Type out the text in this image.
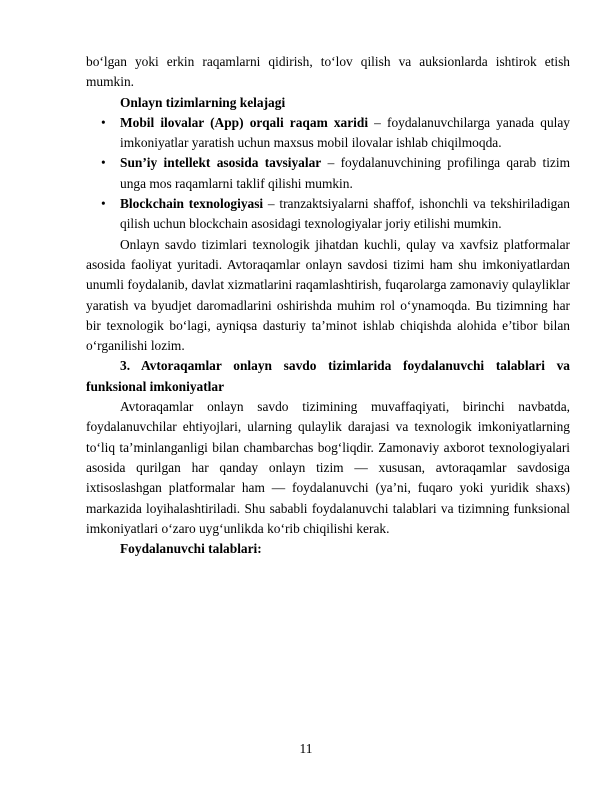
bo‘lgan yoki erkin raqamlarni qidirish, to‘lov qilish va auksionlarda ishtirok etish mumkin.

Onlayn tizimlarning kelajagi
• Mobil ilovalar (App) orqali raqam xaridi – foydalanuvchilarga yanada qulay imkoniyatlar yaratish uchun maxsus mobil ilovalar ishlab chiqilmoqda.
• Sun’iy intellekt asosida tavsiyalar – foydalanuvchining profilinga qarab tizim unga mos raqamlarni taklif qilishi mumkin.
• Blockchain texnologiyasi – tranzaktsiyalarni shaffof, ishonchli va tekshiriladigan qilish uchun blockchain asosidagi texnologiyalar joriy etilishi mumkin.

Onlayn savdo tizimlari texnologik jihatdan kuchli, qulay va xavfsiz platformalar asosida faoliyat yuritadi. Avtoraqamlar onlayn savdosi tizimi ham shu imkoniyatlardan unumli foydalanib, davlat xizmatlarini raqamlashtirish, fuqarolarga zamonaviy qulayliklar yaratish va byudjet daromadlarini oshirishda muhim rol o‘ynamoqda. Bu tizimning har bir texnologik bo‘lagi, ayniqsa dasturiy ta’minot ishlab chiqishda alohida e’tibor bilan o‘rganilishi lozim.

3. Avtoraqamlar onlayn savdo tizimlarida foydalanuvchi talablari va funksional imkoniyatlar

Avtoraqamlar onlayn savdo tizimining muvaffaqiyati, birinchi navbatda, foydalanuvchilar ehtiyojlari, ularning qulaylik darajasi va texnologik imkoniyatlarning to‘liq ta’minlanganligi bilan chambarchas bog‘liqdir. Zamonaviy axborot texnologiyalari asosida qurilgan har qanday onlayn tizim — xususan, avtoraqamlar savdosiga ixtisoslashgan platformalar ham — foydalanuvchi (ya’ni, fuqaro yoki yuridik shaxs) markazida loyihalashtiriladi. Shu sababli foydalanuvchi talablari va tizimning funksional imkoniyatlari o‘zaro uyg‘unlikda ko‘rib chiqilishi kerak.

Foydalanuvchi talablari:
11
